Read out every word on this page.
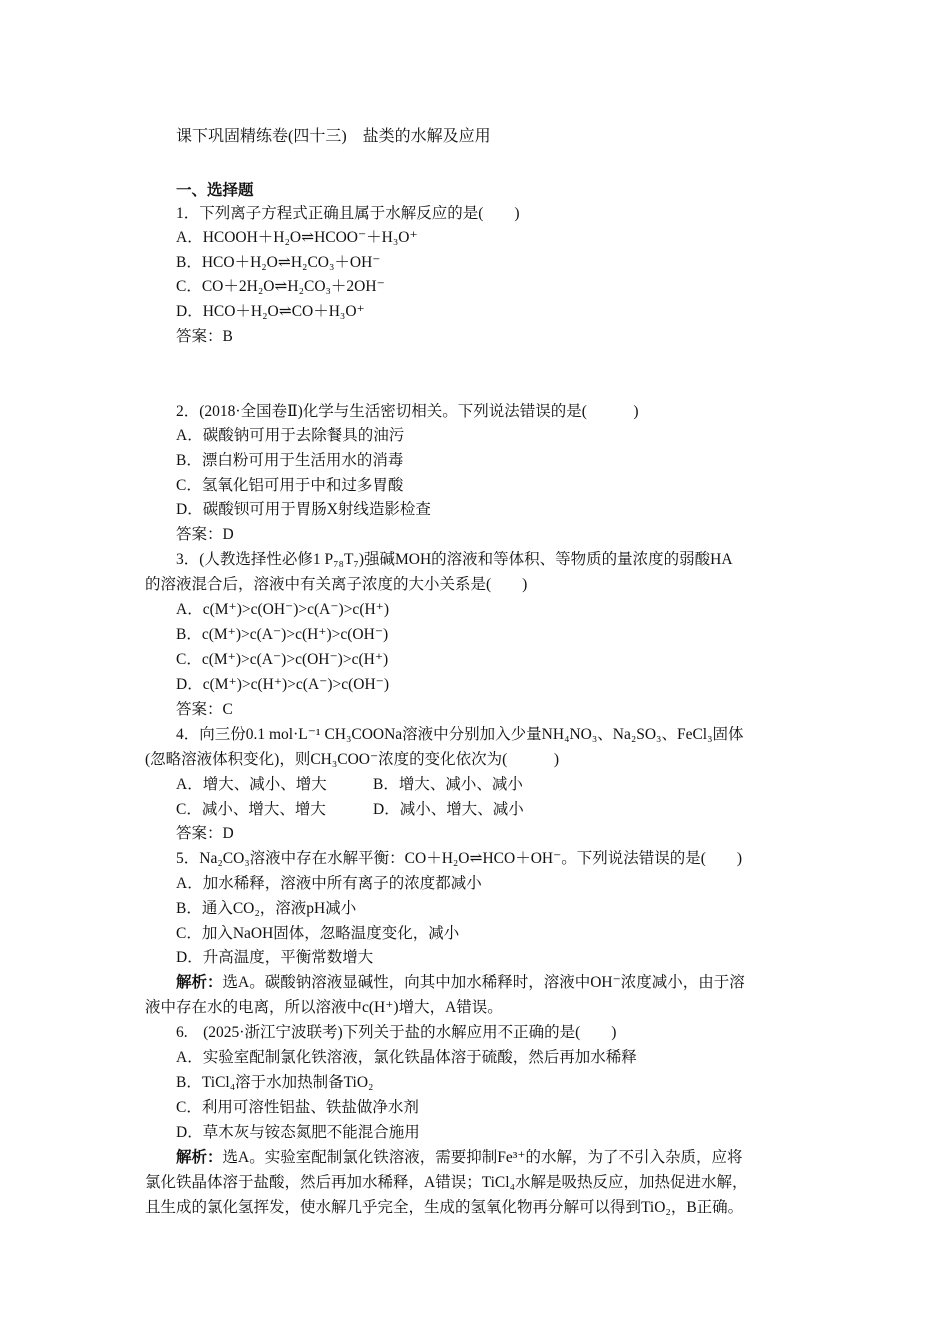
课下巩固精练卷(四十三)　盐类的水解及应用
一、选择题
1．下列离子方程式正确且属于水解反应的是(　　)
A．HCOOH＋H₂O⇌HCOO⁻＋H₃O⁺
B．HCO＋H₂O⇌H₂CO₃＋OH⁻
C．CO＋2H₂O⇌H₂CO₃＋2OH⁻
D．HCO＋H₂O⇌CO＋H₃O⁺
答案：B
2．(2018·全国卷Ⅱ)化学与生活密切相关。下列说法错误的是(　　　)
A．碳酸钠可用于去除餐具的油污
B．漂白粉可用于生活用水的消毒
C．氢氧化铝可用于中和过多胃酸
D．碳酸钡可用于胃肠X射线造影检查
答案：D
3．(人教选择性必修1 P₇₈T₇)强碱MOH的溶液和等体积、等物质的量浓度的弱酸HA
的溶液混合后，溶液中有关离子浓度的大小关系是(　　)
A．c(M⁺)>c(OH⁻)>c(A⁻)>c(H⁺)
B．c(M⁺)>c(A⁻)>c(H⁺)>c(OH⁻)
C．c(M⁺)>c(A⁻)>c(OH⁻)>c(H⁺)
D．c(M⁺)>c(H⁺)>c(A⁻)>c(OH⁻)
答案：C
4．向三份0.1 mol·L⁻¹ CH₃COONa溶液中分别加入少量NH₄NO₃、Na₂SO₃、FeCl₃固体
(忽略溶液体积变化)，则CH₃COO⁻浓度的变化依次为(　　　)
A．增大、减小、增大	B．增大、减小、减小
C．减小、增大、增大	D．减小、增大、减小
答案：D
5．Na₂CO₃溶液中存在水解平衡：CO＋H₂O⇌HCO＋OH⁻。下列说法错误的是(　　)
A．加水稀释，溶液中所有离子的浓度都减小
B．通入CO₂，溶液pH减小
C．加入NaOH固体，忽略温度变化，减小
D．升高温度，平衡常数增大
解析：选A。碳酸钠溶液显碱性，向其中加水稀释时，溶液中OH⁻浓度减小，由于溶
液中存在水的电离，所以溶液中c(H⁺)增大，A错误。
6.　(2025·浙江宁波联考)下列关于盐的水解应用不正确的是(　　)
A．实验室配制氯化铁溶液，氯化铁晶体溶于硫酸，然后再加水稀释
B．TiCl₄溶于水加热制备TiO₂
C．利用可溶性铝盐、铁盐做净水剂
D．草木灰与铵态氮肥不能混合施用
解析：选A。实验室配制氯化铁溶液，需要抑制Fe³⁺的水解，为了不引入杂质，应将
氯化铁晶体溶于盐酸，然后再加水稀释，A错误；TiCl₄水解是吸热反应，加热促进水解，
且生成的氯化氢挥发，使水解几乎完全，生成的氢氧化物再分解可以得到TiO₂，B正确。
